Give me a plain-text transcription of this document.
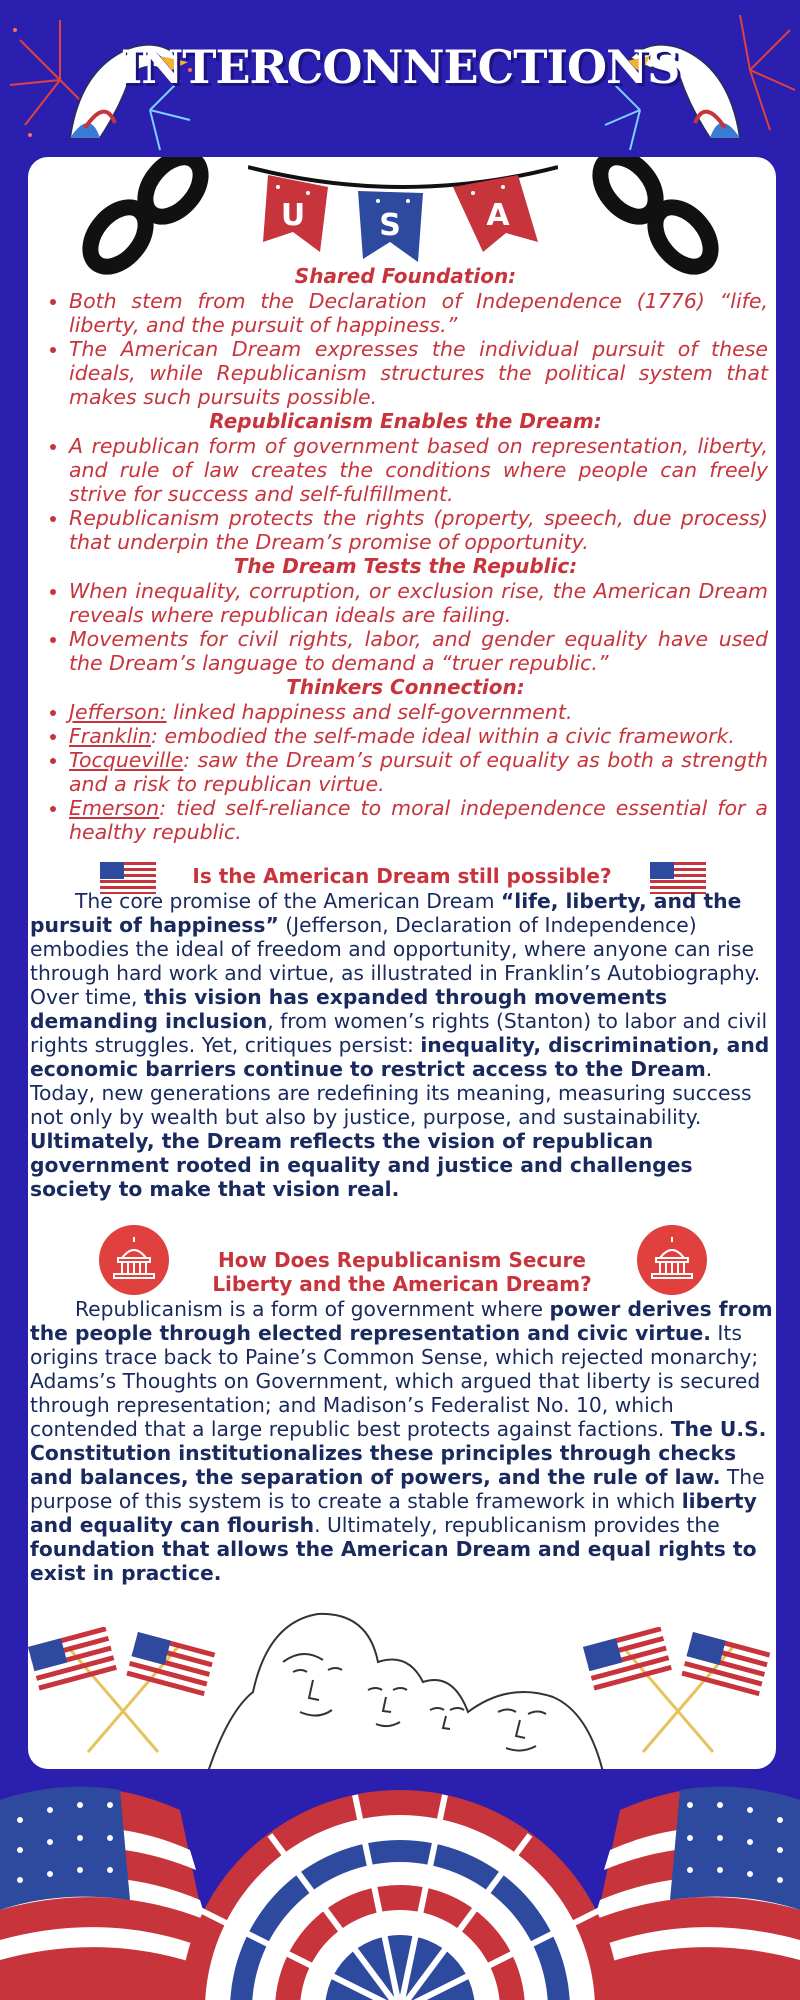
INTERCONNECTIONS
U S	A
Shared Foundation:
• Both stem from the Declaration of Independence (1776) “life, liberty, and the pursuit of happiness.”
• The American Dream expresses the individual pursuit of these ideals, while Republicanism structures the political system that makes such pursuits possible.
Republicanism Enables the Dream:
• A republican form of government based on representation, liberty, and rule of law creates the conditions where people can freely strive for success and self-fulfillment.
• Republicanism protects the rights (property, speech, due process) that underpin the Dream’s promise of opportunity.
The Dream Tests the Republic:
• When inequality, corruption, or exclusion rise, the American Dream reveals where republican ideals are failing.
• Movements for civil rights, labor, and gender equality have used the Dream’s language to demand a “truer republic.”
Thinkers Connection:
• Jefferson: linked happiness and self-government.
• Franklin: embodied the self-made ideal within a civic framework.
• Tocqueville: saw the Dream’s pursuit of equality as both a strength and a risk to republican virtue.
• Emerson: tied self-reliance to moral independence essential for a healthy republic.
Is the American Dream still possible?

The core promise of the American Dream “life, liberty, and the pursuit of happiness” (Jefferson, Declaration of Independence) embodies the ideal of freedom and opportunity, where anyone can rise through hard work and virtue, as illustrated in Franklin’s Autobiography. Over time, this vision has expanded through movements demanding inclusion, from women’s rights (Stanton) to labor and civil rights struggles. Yet, critiques persist: inequality, discrimination, and economic barriers continue to restrict access to the Dream. Today, new generations are redefining its meaning, measuring success not only by wealth but also by justice, purpose, and sustainability. Ultimately, the Dream reflects the vision of republican government rooted in equality and justice and challenges society to make that vision real.

How Does Republicanism Secure
Liberty and the American Dream?

Republicanism is a form of government where power derives from the people through elected representation and civic virtue. Its origins trace back to Paine’s Common Sense, which rejected monarchy; Adams’s Thoughts on Government, which argued that liberty is secured through representation; and Madison’s Federalist No. 10, which contended that a large republic best protects against factions. The U.S. Constitution institutionalizes these principles through checks and balances, the separation of powers, and the rule of law. The purpose of this system is to create a stable framework in which liberty and equality can flourish. Ultimately, republicanism provides the foundation that allows the American Dream and equal rights to exist in practice.
